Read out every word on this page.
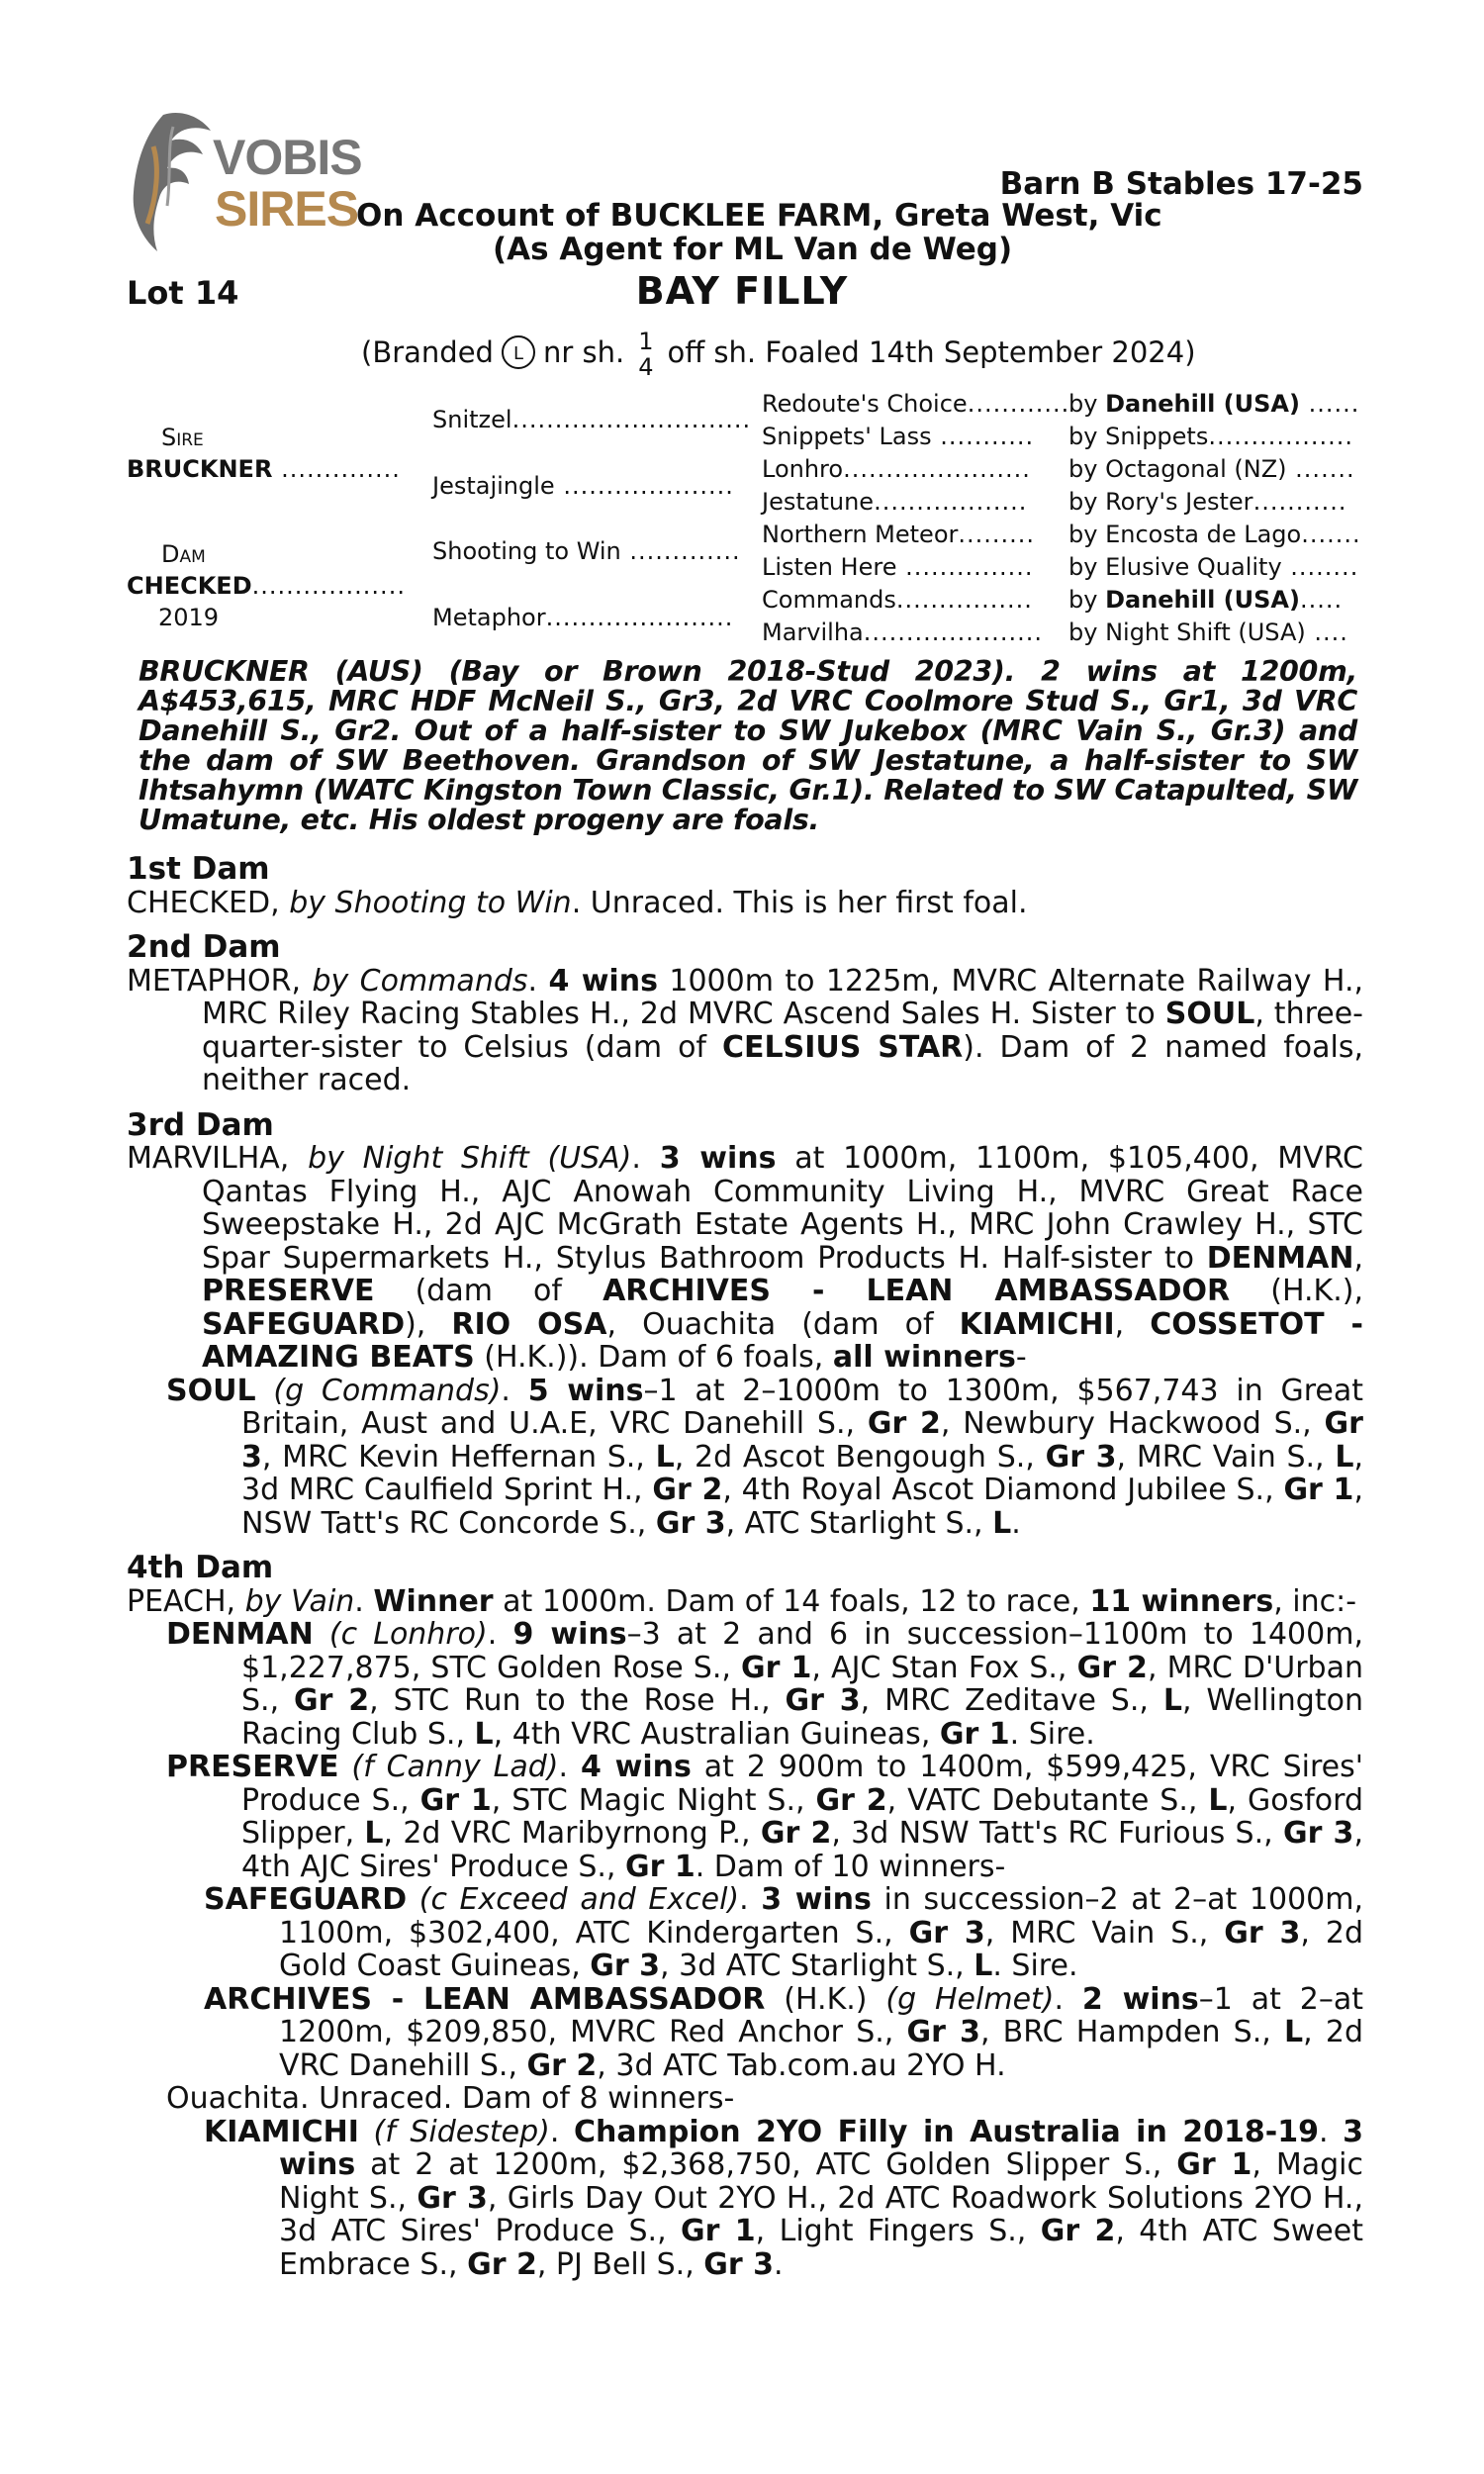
VOBIS
SIRES	Barn B Stables 17-25
On Account of BUCKLEE FARM, Greta West, Vic
(As Agent for ML Van de Weg)
Lot 14	BAY FILLY
(Branded L nr sh. 1
4 off sh. Foaled 14th September 2024)
Sire
BRUCKNER ..............
Dam
CHECKED..................
2019
Snitzel............................
Jestajingle ....................
Shooting to Win .............
Metaphor......................
Redoute's Choice............by Danehill (USA) ......
Snippets' Lass ........... by Snippets.................
Lonhro...................... by Octagonal (NZ) .......
Jestatune.................. by Rory's Jester...........
Northern Meteor......... by Encosta de Lago.......
Listen Here ............... by Elusive Quality ........
Commands................ by Danehill (USA).....
Marvilha..................... by Night Shift (USA) ....

BRUCKNER (AUS) (Bay or Brown 2018-Stud 2023). 2 wins at 1200m, A$453,615, MRC HDF McNeil S., Gr3, 2d VRC Coolmore Stud S., Gr1, 3d VRC Danehill S., Gr2. Out of a half-sister to SW Jukebox (MRC Vain S., Gr.3) and the dam of SW Beethoven. Grandson of SW Jestatune, a half-sister to SW Ihtsahymn (WATC Kingston Town Classic, Gr.1). Related to SW Catapulted, SW Umatune, etc. His oldest progeny are foals.

1st Dam

CHECKED, by Shooting to Win. Unraced. This is her first foal.

2nd Dam

METAPHOR, by Commands. 4 wins 1000m to 1225m, MVRC Alternate Railway H., MRC Riley Racing Stables H., 2d MVRC Ascend Sales H. Sister to SOUL, three-quarter-sister to Celsius (dam of CELSIUS STAR). Dam of 2 named foals, neither raced.

3rd Dam

MARVILHA, by Night Shift (USA). 3 wins at 1000m, 1100m, $105,400, MVRC Qantas Flying H., AJC Anowah Community Living H., MVRC Great Race Sweepstake H., 2d AJC McGrath Estate Agents H., MRC John Crawley H., STC Spar Supermarkets H., Stylus Bathroom Products H. Half-sister to DENMAN, PRESERVE (dam of ARCHIVES - LEAN AMBASSADOR (H.K.), SAFEGUARD), RIO OSA, Ouachita (dam of KIAMICHI, COSSETOT - AMAZING BEATS (H.K.)). Dam of 6 foals, all winners-

SOUL (g Commands). 5 wins–1 at 2–1000m to 1300m, $567,743 in Great Britain, Aust and U.A.E, VRC Danehill S., Gr 2, Newbury Hackwood S., Gr 3, MRC Kevin Heffernan S., L, 2d Ascot Bengough S., Gr 3, MRC Vain S., L, 3d MRC Caulfield Sprint H., Gr 2, 4th Royal Ascot Diamond Jubilee S., Gr 1, NSW Tatt's RC Concorde S., Gr 3, ATC Starlight S., L.

4th Dam

PEACH, by Vain. Winner at 1000m. Dam of 14 foals, 12 to race, 11 winners, inc:-

DENMAN (c Lonhro). 9 wins–3 at 2 and 6 in succession–1100m to 1400m, $1,227,875, STC Golden Rose S., Gr 1, AJC Stan Fox S., Gr 2, MRC D'Urban S., Gr 2, STC Run to the Rose H., Gr 3, MRC Zeditave S., L, Wellington Racing Club S., L, 4th VRC Australian Guineas, Gr 1. Sire.

PRESERVE (f Canny Lad). 4 wins at 2 900m to 1400m, $599,425, VRC Sires' Produce S., Gr 1, STC Magic Night S., Gr 2, VATC Debutante S., L, Gosford Slipper, L, 2d VRC Maribyrnong P., Gr 2, 3d NSW Tatt's RC Furious S., Gr 3, 4th AJC Sires' Produce S., Gr 1. Dam of 10 winners-

SAFEGUARD (c Exceed and Excel). 3 wins in succession–2 at 2–at 1000m, 1100m, $302,400, ATC Kindergarten S., Gr 3, MRC Vain S., Gr 3, 2d Gold Coast Guineas, Gr 3, 3d ATC Starlight S., L. Sire.

ARCHIVES - LEAN AMBASSADOR (H.K.) (g Helmet). 2 wins–1 at 2–at 1200m, $209,850, MVRC Red Anchor S., Gr 3, BRC Hampden S., L, 2d VRC Danehill S., Gr 2, 3d ATC Tab.com.au 2YO H.

Ouachita. Unraced. Dam of 8 winners-

KIAMICHI (f Sidestep). Champion 2YO Filly in Australia in 2018-19. 3 wins at 2 at 1200m, $2,368,750, ATC Golden Slipper S., Gr 1, Magic Night S., Gr 3, Girls Day Out 2YO H., 2d ATC Roadwork Solutions 2YO H., 3d ATC Sires' Produce S., Gr 1, Light Fingers S., Gr 2, 4th ATC Sweet Embrace S., Gr 2, PJ Bell S., Gr 3.
